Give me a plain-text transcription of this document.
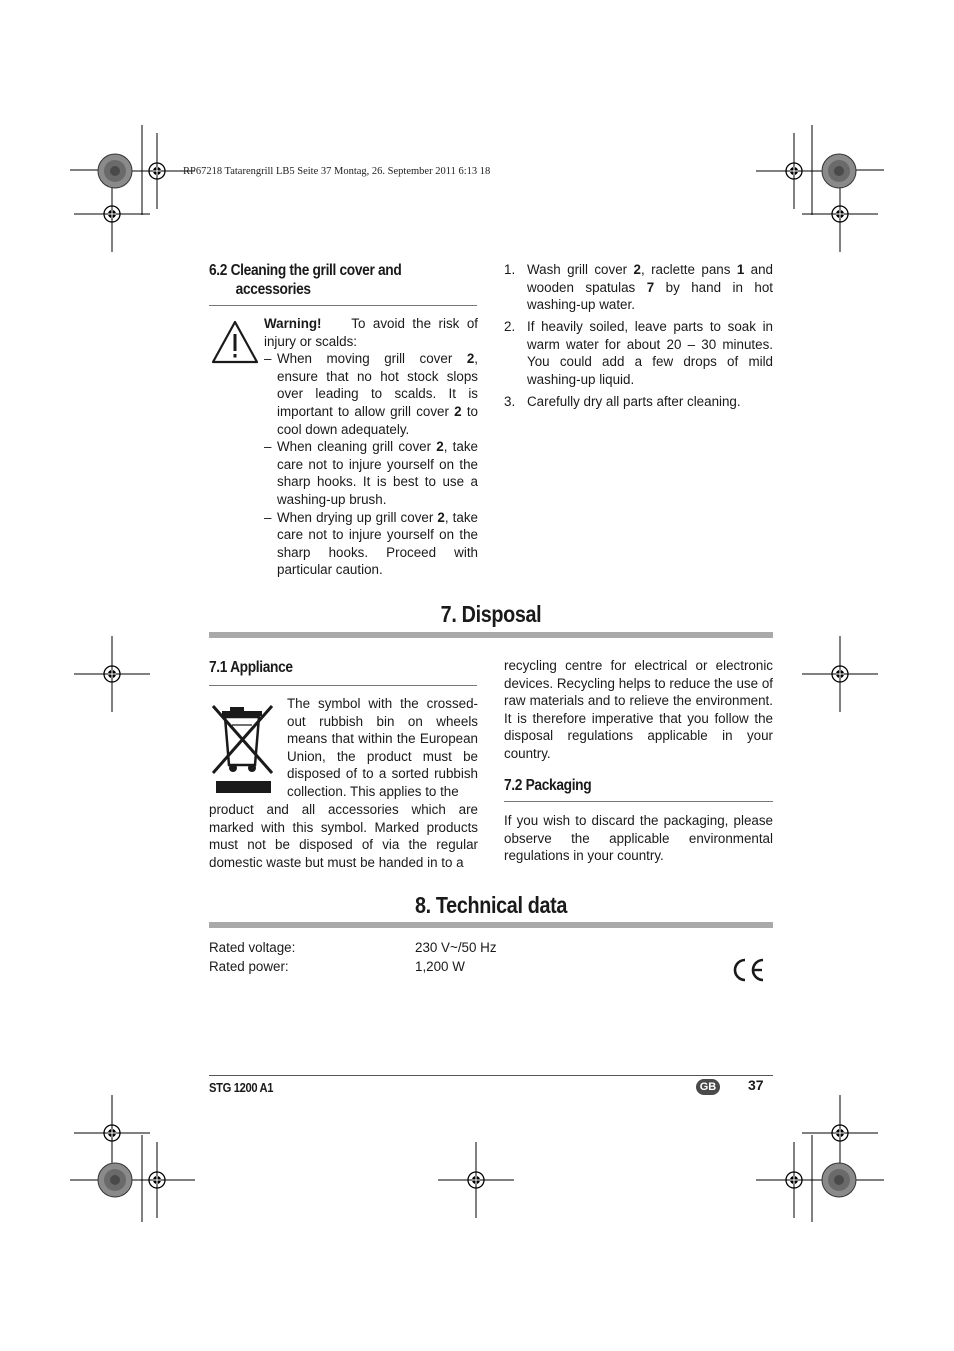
RP67218 Tatarengrill LB5 Seite 37 Montag, 26. September 2011 6:13 18
6.2 Cleaning the grill cover and
accessories
Warning! To avoid the risk of injury or scalds:
– When moving grill cover 2, ensure that no hot stock slops over leading to scalds. It is important to allow grill cover 2 to cool down adequately.
– When cleaning grill cover 2, take care not to injure yourself on the sharp hooks. It is best to use a washing-up brush.
– When drying up grill cover 2, take care not to injure yourself on the sharp hooks. Proceed with particular caution.
1. Wash grill cover 2, raclette pans 1 and wooden spatulas 7 by hand in hot washing-up water.
2. If heavily soiled, leave parts to soak in warm water for about 20 – 30 minutes. You could add a few drops of mild washing-up liquid.
3. Carefully dry all parts after cleaning.
7. Disposal
7.1 Appliance
The symbol with the crossed-out rubbish bin on wheels means that within the European Union, the product must be disposed of to a sorted rubbish collection. This applies to the
product and all accessories which are marked with this symbol. Marked products must not be disposed of via the regular domestic waste but must be handed in to a
recycling centre for electrical or electronic devices. Recycling helps to reduce the use of raw materials and to relieve the environment. It is therefore imperative that you follow the disposal regulations applicable in your country.
7.2 Packaging
If you wish to discard the packaging, please observe the applicable environmental regulations in your country.
8. Technical data
Rated voltage:	230 V~/50 Hz
Rated power:	1,200 W
STG 1200 A1	GB 37
